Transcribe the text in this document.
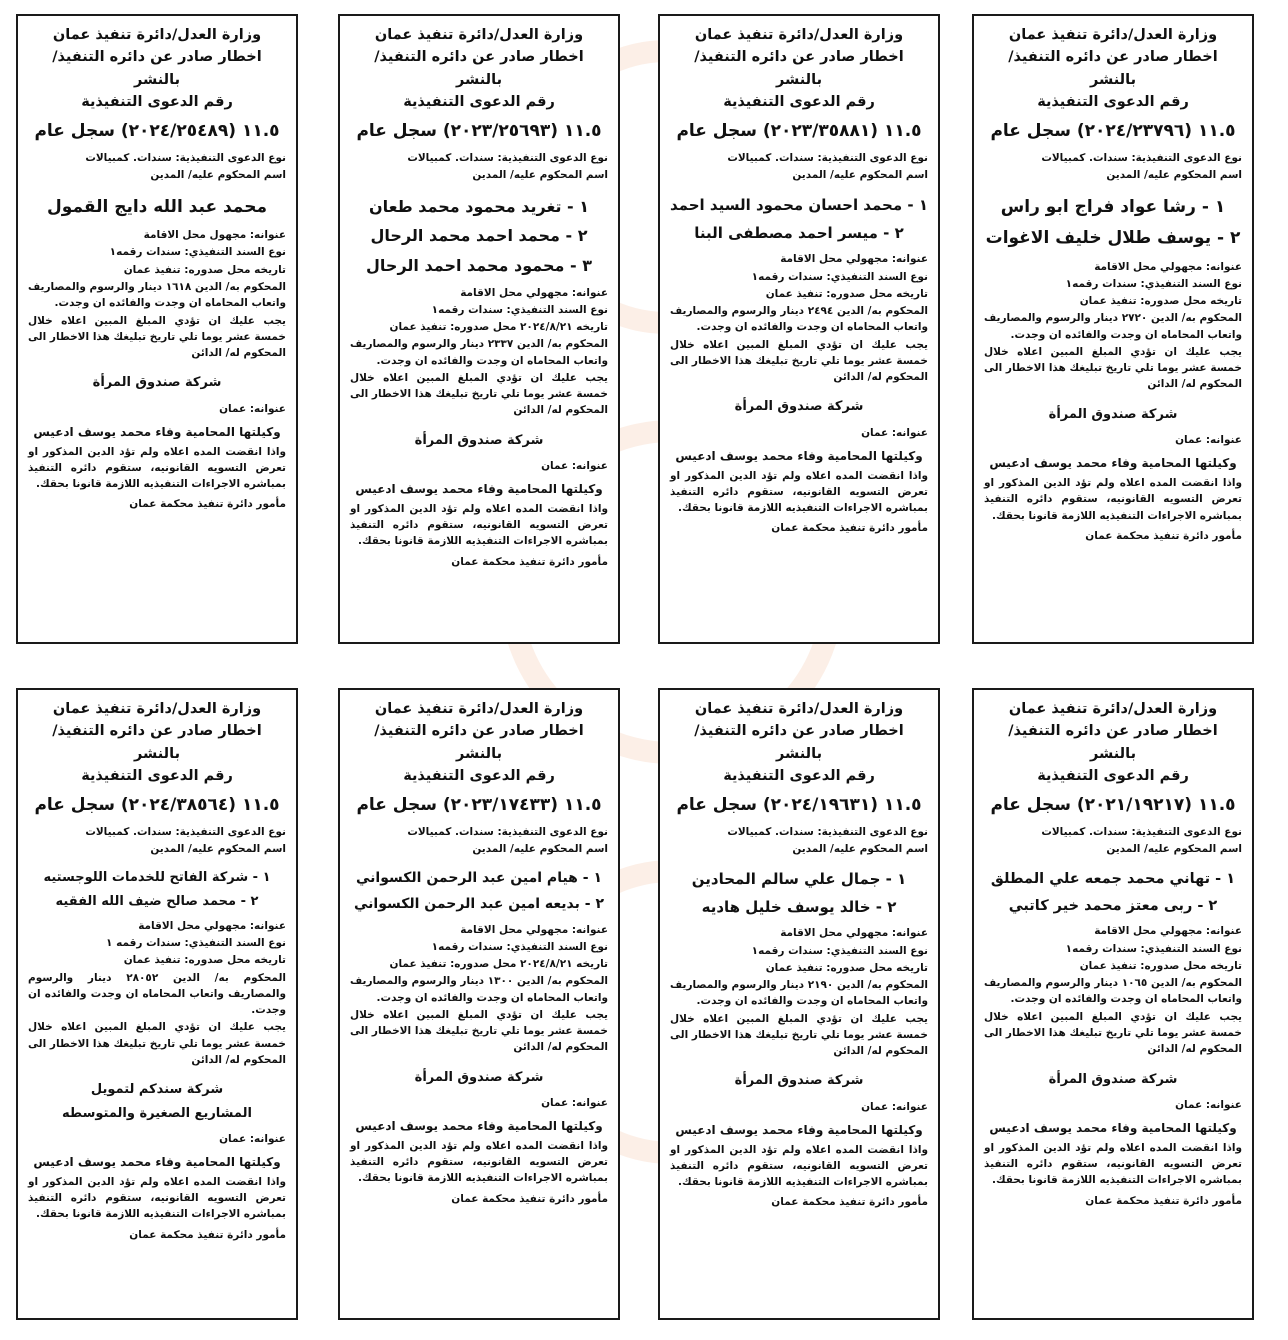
وزارة العدل/دائرة تنفيذ عمان
اخطار صادر عن دائره التنفيذ/ بالنشر
رقم الدعوى التنفيذية
١١.٥ (٢٠٢٤/٢٣٧٩٦) سجل عام
نوع الدعوى التنفيذية: سندات. كمبيالات
اسم المحكوم عليه/ المدين
١ - رشا عواد فراج ابو راس
٢ - يوسف طلال خليف الاغوات
عنوانه: مجهولي محل الاقامة
نوع السند التنفيذي: سندات رقمه١
تاريخه محل صدوره: تنفيذ عمان
المحكوم به/ الدين ٢٧٢٠ دينار والرسوم والمصاريف واتعاب المحاماه ان وجدت والفائده ان وجدت.
يجب عليك ان تؤدي المبلغ المبين اعلاه خلال خمسة عشر يوما تلي تاريخ تبليغك هذا الاخطار الى المحكوم له/ الدائن
شركة صندوق المرأة
عنوانه: عمان
وكيلتها المحامية وفاء محمد يوسف ادعيس
واذا انقضت المده اعلاه ولم تؤد الدين المذكور او تعرض التسويه القانونيه، ستقوم دائره التنفيذ بمباشره الاجراءات التنفيذيه اللازمة قانونا بحقك.
مأمور دائرة تنفيذ محكمة عمان
وزارة العدل/دائرة تنفيذ عمان
اخطار صادر عن دائره التنفيذ/ بالنشر
رقم الدعوى التنفيذية
١١.٥ (٢٠٢٣/٣٥٨٨١) سجل عام
نوع الدعوى التنفيذية: سندات. كمبيالات
اسم المحكوم عليه/ المدين
١ - محمد احسان محمود السيد احمد
٢ - ميسر احمد مصطفى البنا
عنوانه: مجهولي محل الاقامة
نوع السند التنفيذي: سندات رقمه١
تاريخه محل صدوره: تنفيذ عمان
المحكوم به/ الدين ٢٤٩٤ دينار والرسوم والمصاريف واتعاب المحاماه ان وجدت والفائده ان وجدت.
يجب عليك ان تؤدي المبلغ المبين اعلاه خلال خمسة عشر يوما تلي تاريخ تبليغك هذا الاخطار الى المحكوم له/ الدائن
شركة صندوق المرأة
عنوانه: عمان
وكيلتها المحامية وفاء محمد يوسف ادعيس
واذا انقضت المده اعلاه ولم تؤد الدين المذكور او تعرض التسويه القانونيه، ستقوم دائره التنفيذ بمباشره الاجراءات التنفيذيه اللازمة قانونا بحقك.
مأمور دائرة تنفيذ محكمة عمان
وزارة العدل/دائرة تنفيذ عمان
اخطار صادر عن دائره التنفيذ/ بالنشر
رقم الدعوى التنفيذية
١١.٥ (٢٠٢٣/٢٥٦٩٣) سجل عام
نوع الدعوى التنفيذية: سندات. كمبيالات
اسم المحكوم عليه/ المدين
١ - تغريد محمود محمد طعان
٢ - محمد احمد محمد الرحال
٣ - محمود محمد احمد الرحال
عنوانه: مجهولي محل الاقامة
نوع السند التنفيذي: سندات رقمه١
تاريخه ٢٠٢٤/٨/٢١ محل صدوره: تنفيذ عمان
المحكوم به/ الدين ٢٣٣٧ دينار والرسوم والمصاريف واتعاب المحاماه ان وجدت والفائده ان وجدت.
يجب عليك ان تؤدي المبلغ المبين اعلاه خلال خمسة عشر يوما تلي تاريخ تبليغك هذا الاخطار الى المحكوم له/ الدائن
شركة صندوق المرأة
عنوانه: عمان
وكيلتها المحامية وفاء محمد يوسف ادعيس
واذا انقضت المده اعلاه ولم تؤد الدين المذكور او تعرض التسويه القانونيه، ستقوم دائره التنفيذ بمباشره الاجراءات التنفيذيه اللازمة قانونا بحقك.
مأمور دائرة تنفيذ محكمة عمان
وزارة العدل/دائرة تنفيذ عمان
اخطار صادر عن دائره التنفيذ/ بالنشر
رقم الدعوى التنفيذية
١١.٥ (٢٠٢٤/٢٥٤٨٩) سجل عام
نوع الدعوى التنفيذية: سندات. كمبيالات
اسم المحكوم عليه/ المدين
محمد عبد الله دايج القمول
عنوانه: مجهول محل الاقامة
نوع السند التنفيذي: سندات رقمه١
تاريخه محل صدوره: تنفيذ عمان
المحكوم به/ الدين ١٦١٨ دينار والرسوم والمصاريف واتعاب المحاماه ان وجدت والفائده ان وجدت.
يجب عليك ان تؤدي المبلغ المبين اعلاه خلال خمسة عشر يوما تلي تاريخ تبليغك هذا الاخطار الى المحكوم له/ الدائن
شركة صندوق المرأة
عنوانه: عمان
وكيلتها المحامية وفاء محمد يوسف ادعيس
واذا انقضت المده اعلاه ولم تؤد الدين المذكور او تعرض التسويه القانونيه، ستقوم دائره التنفيذ بمباشره الاجراءات التنفيذيه اللازمة قانونا بحقك.
مأمور دائرة تنفيذ محكمة عمان
وزارة العدل/دائرة تنفيذ عمان
اخطار صادر عن دائره التنفيذ/ بالنشر
رقم الدعوى التنفيذية
١١.٥ (٢٠٢١/١٩٢١٧) سجل عام
نوع الدعوى التنفيذية: سندات. كمبيالات
اسم المحكوم عليه/ المدين
١ - تهاني محمد جمعه علي المطلق
٢ - ربى معتز محمد خير كاتبي
عنوانه: مجهولي محل الاقامة
نوع السند التنفيذي: سندات رقمه١
تاريخه محل صدوره: تنفيذ عمان
المحكوم به/ الدين ١٠٦٥ دينار والرسوم والمصاريف واتعاب المحاماه ان وجدت والفائده ان وجدت.
يجب عليك ان تؤدي المبلغ المبين اعلاه خلال خمسة عشر يوما تلي تاريخ تبليغك هذا الاخطار الى المحكوم له/ الدائن
شركة صندوق المرأة
عنوانه: عمان
وكيلتها المحامية وفاء محمد يوسف ادعيس
واذا انقضت المده اعلاه ولم تؤد الدين المذكور او تعرض التسويه القانونيه، ستقوم دائره التنفيذ بمباشره الاجراءات التنفيذيه اللازمة قانونا بحقك.
مأمور دائرة تنفيذ محكمة عمان
وزارة العدل/دائرة تنفيذ عمان
اخطار صادر عن دائره التنفيذ/ بالنشر
رقم الدعوى التنفيذية
١١.٥ (٢٠٢٤/١٩٦٣١) سجل عام
نوع الدعوى التنفيذية: سندات. كمبيالات
اسم المحكوم عليه/ المدين
١ - جمال علي سالم المحادين
٢ - خالد يوسف خليل هاديه
عنوانه: مجهولي محل الاقامة
نوع السند التنفيذي: سندات رقمه١
تاريخه محل صدوره: تنفيذ عمان
المحكوم به/ الدين ٢١٩٠ دينار والرسوم والمصاريف واتعاب المحاماه ان وجدت والفائده ان وجدت.
يجب عليك ان تؤدي المبلغ المبين اعلاه خلال خمسة عشر يوما تلي تاريخ تبليغك هذا الاخطار الى المحكوم له/ الدائن
شركة صندوق المرأة
عنوانه: عمان
وكيلتها المحامية وفاء محمد يوسف ادعيس
واذا انقضت المده اعلاه ولم تؤد الدين المذكور او تعرض التسويه القانونيه، ستقوم دائره التنفيذ بمباشره الاجراءات التنفيذيه اللازمة قانونا بحقك.
مأمور دائرة تنفيذ محكمة عمان
وزارة العدل/دائرة تنفيذ عمان
اخطار صادر عن دائره التنفيذ/ بالنشر
رقم الدعوى التنفيذية
١١.٥ (٢٠٢٣/١٧٤٣٣) سجل عام
نوع الدعوى التنفيذية: سندات. كمبيالات
اسم المحكوم عليه/ المدين
١ - هيام امين عبد الرحمن الكسواني
٢ - بديعه امين عبد الرحمن الكسواني
عنوانه: مجهولي محل الاقامة
نوع السند التنفيذي: سندات رقمه١
تاريخه ٢٠٢٤/٨/٢١ محل صدوره: تنفيذ عمان
المحكوم به/ الدين ١٣٠٠ دينار والرسوم والمصاريف واتعاب المحاماه ان وجدت والفائده ان وجدت.
يجب عليك ان تؤدي المبلغ المبين اعلاه خلال خمسة عشر يوما تلي تاريخ تبليغك هذا الاخطار الى المحكوم له/ الدائن
شركة صندوق المرأة
عنوانه: عمان
وكيلتها المحامية وفاء محمد يوسف ادعيس
واذا انقضت المده اعلاه ولم تؤد الدين المذكور او تعرض التسويه القانونيه، ستقوم دائره التنفيذ بمباشره الاجراءات التنفيذيه اللازمة قانونا بحقك.
مأمور دائرة تنفيذ محكمة عمان
وزارة العدل/دائرة تنفيذ عمان
اخطار صادر عن دائره التنفيذ/ بالنشر
رقم الدعوى التنفيذية
١١.٥ (٢٠٢٤/٣٨٥٦٤) سجل عام
نوع الدعوى التنفيذية: سندات. كمبيالات
اسم المحكوم عليه/ المدين
١ - شركة الفاتح للخدمات اللوجستيه
٢ - محمد صالح ضيف الله الفقيه
عنوانه: مجهولي محل الاقامة
نوع السند التنفيذي: سندات رقمه ١
تاريخه محل صدوره: تنفيذ عمان
المحكوم به/ الدين ٢٨٠٥٢ دينار والرسوم والمصاريف واتعاب المحاماه ان وجدت والفائده ان وجدت.
يجب عليك ان تؤدي المبلغ المبين اعلاه خلال خمسة عشر يوما تلي تاريخ تبليغك هذا الاخطار الى المحكوم له/ الدائن
شركة سندكم لتمويل
المشاريع الصغيرة والمتوسطه
عنوانه: عمان
وكيلتها المحامية وفاء محمد يوسف ادعيس
واذا انقضت المده اعلاه ولم تؤد الدين المذكور او تعرض التسويه القانونيه، ستقوم دائره التنفيذ بمباشره الاجراءات التنفيذيه اللازمة قانونا بحقك.
مأمور دائرة تنفيذ محكمة عمان
